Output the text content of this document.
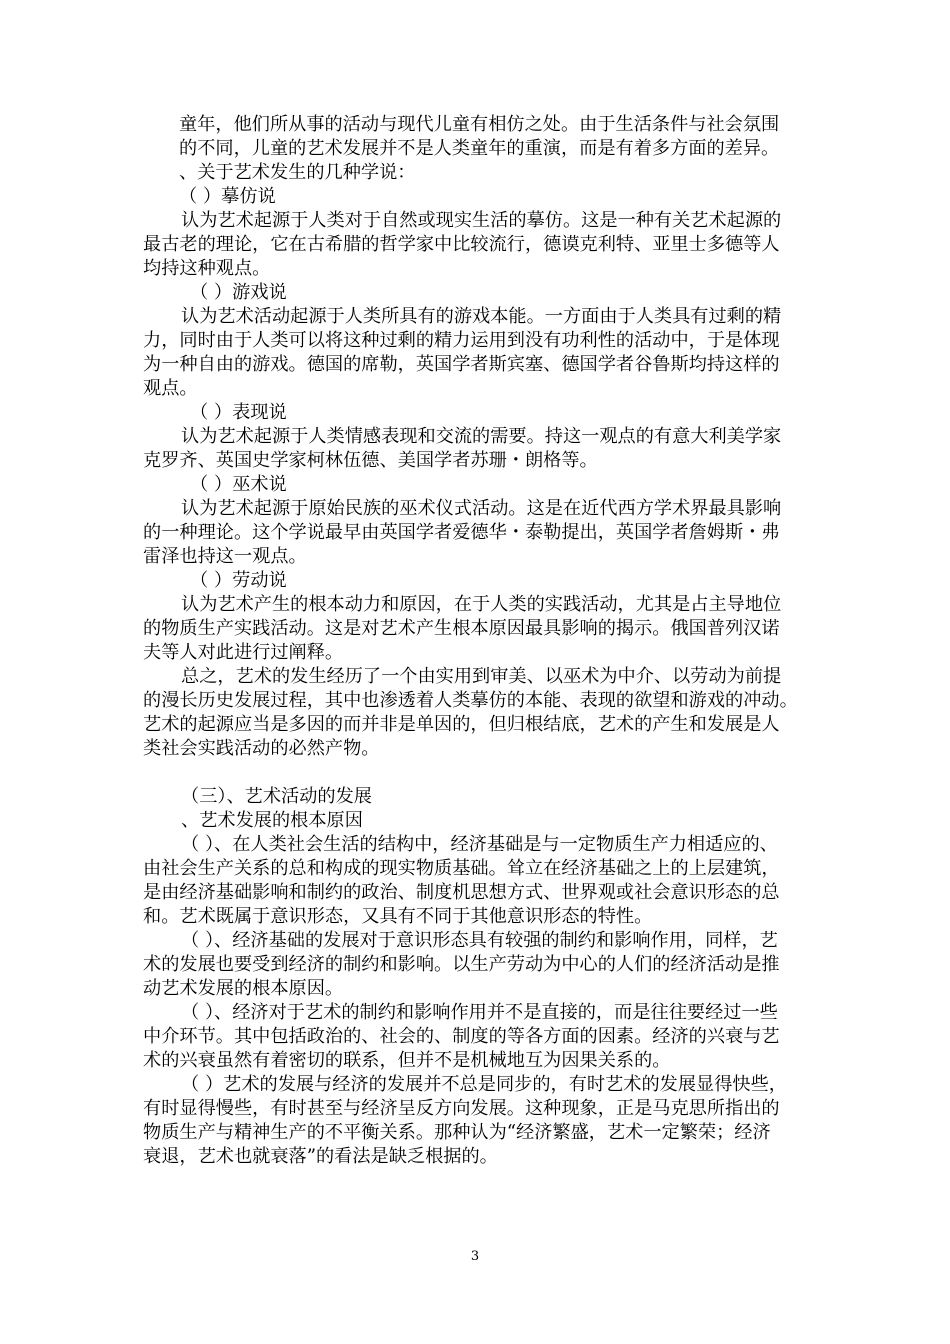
童年，他们所从事的活动与现代儿童有相仿之处。由于生活条件与社会氛围
的不同，儿童的艺术发展并不是人类童年的重演，而是有着多方面的差异。
、关于艺术发生的几种学说：
（ ）摹仿说
认为艺术起源于人类对于自然或现实生活的摹仿。这是一种有关艺术起源的
最古老的理论，它在古希腊的哲学家中比较流行，德谟克利特、亚里士多德等人
均持这种观点。
（ ）游戏说
认为艺术活动起源于人类所具有的游戏本能。一方面由于人类具有过剩的精
力，同时由于人类可以将这种过剩的精力运用到没有功利性的活动中，于是体现
为一种自由的游戏。德国的席勒，英国学者斯宾塞、德国学者谷鲁斯均持这样的
观点。
（ ）表现说
认为艺术起源于人类情感表现和交流的需要。持这一观点的有意大利美学家
克罗齐、英国史学家柯林伍德、美国学者苏珊・朗格等。
（ ）巫术说
认为艺术起源于原始民族的巫术仪式活动。这是在近代西方学术界最具影响
的一种理论。这个学说最早由英国学者爱德华・泰勒提出，英国学者詹姆斯・弗
雷泽也持这一观点。
（ ）劳动说
认为艺术产生的根本动力和原因，在于人类的实践活动，尤其是占主导地位
的物质生产实践活动。这是对艺术产生根本原因最具影响的揭示。俄国普列汉诺
夫等人对此进行过阐释。
总之，艺术的发生经历了一个由实用到审美、以巫术为中介、以劳动为前提
的漫长历史发展过程，其中也渗透着人类摹仿的本能、表现的欲望和游戏的冲动。
艺术的起源应当是多因的而并非是单因的，但归根结底，艺术的产生和发展是人
类社会实践活动的必然产物。
（三）、艺术活动的发展
、艺术发展的根本原因
（ ）、在人类社会生活的结构中，经济基础是与一定物质生产力相适应的、
由社会生产关系的总和构成的现实物质基础。耸立在经济基础之上的上层建筑，
是由经济基础影响和制约的政治、制度机思想方式、世界观或社会意识形态的总
和。艺术既属于意识形态，又具有不同于其他意识形态的特性。
（ ）、经济基础的发展对于意识形态具有较强的制约和影响作用，同样，艺
术的发展也要受到经济的制约和影响。以生产劳动为中心的人们的经济活动是推
动艺术发展的根本原因。
（ ）、经济对于艺术的制约和影响作用并不是直接的，而是往往要经过一些
中介环节。其中包括政治的、社会的、制度的等各方面的因素。经济的兴衰与艺
术的兴衰虽然有着密切的联系，但并不是机械地互为因果关系的。
（ ）艺术的发展与经济的发展并不总是同步的，有时艺术的发展显得快些，
有时显得慢些，有时甚至与经济呈反方向发展。这种现象，正是马克思所指出的
物质生产与精神生产的不平衡关系。那种认为“经济繁盛，艺术一定繁荣；经济
衰退，艺术也就衰落”的看法是缺乏根据的。
3
